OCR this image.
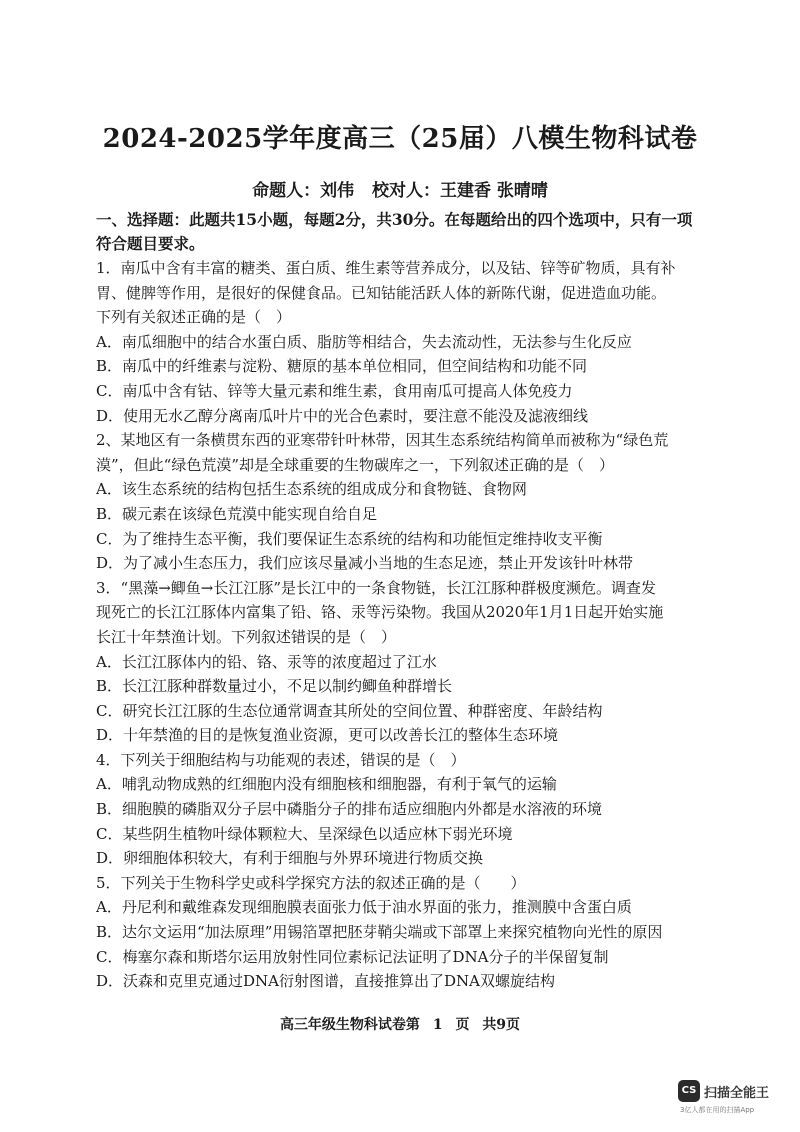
2024-2025学年度高三（25届）八模生物科试卷
命题人：刘伟 校对人：王建香 张晴晴
一、选择题：此题共15小题，每题2分，共30分。在每题给出的四个选项中，只有一项符合题目要求。
1．南瓜中含有丰富的糖类、蛋白质、维生素等营养成分，以及钴、锌等矿物质，具有补
胃、健脾等作用，是很好的保健食品。已知钴能活跃人体的新陈代谢，促进造血功能。
下列有关叙述正确的是（　）
A．南瓜细胞中的结合水蛋白质、脂肪等相结合，失去流动性，无法参与生化反应
B．南瓜中的纤维素与淀粉、糖原的基本单位相同，但空间结构和功能不同
C．南瓜中含有钴、锌等大量元素和维生素，食用南瓜可提高人体免疫力
D．使用无水乙醇分离南瓜叶片中的光合色素时，要注意不能没及滤液细线
2、某地区有一条横贯东西的亚寒带针叶林带，因其生态系统结构简单而被称为“绿色荒
漠”，但此“绿色荒漠”却是全球重要的生物碳库之一，下列叙述正确的是（　）
A．该生态系统的结构包括生态系统的组成成分和食物链、食物网
B．碳元素在该绿色荒漠中能实现自给自足
C．为了维持生态平衡，我们要保证生态系统的结构和功能恒定维持收支平衡
D．为了减小生态压力，我们应该尽量减小当地的生态足迹，禁止开发该针叶林带
3．“黑藻→鲫鱼→长江江豚”是长江中的一条食物链，长江江豚种群极度濒危。调查发
现死亡的长江江豚体内富集了铅、铬、汞等污染物。我国从2020年1月1日起开始实施
长江十年禁渔计划。下列叙述错误的是（　）
A．长江江豚体内的铅、铬、汞等的浓度超过了江水
B．长江江豚种群数量过小，不足以制约鲫鱼种群增长
C．研究长江江豚的生态位通常调查其所处的空间位置、种群密度、年龄结构
D．十年禁渔的目的是恢复渔业资源，更可以改善长江的整体生态环境
4．下列关于细胞结构与功能观的表述，错误的是（　）
A．哺乳动物成熟的红细胞内没有细胞核和细胞器，有利于氧气的运输
B．细胞膜的磷脂双分子层中磷脂分子的排布适应细胞内外都是水溶液的环境
C．某些阴生植物叶绿体颗粒大、呈深绿色以适应林下弱光环境
D．卵细胞体积较大，有利于细胞与外界环境进行物质交换
5．下列关于生物科学史或科学探究方法的叙述正确的是（　　）
A．丹尼利和戴维森发现细胞膜表面张力低于油水界面的张力，推测膜中含蛋白质
B．达尔文运用“加法原理”用锡箔罩把胚芽鞘尖端或下部罩上来探究植物向光性的原因
C．梅塞尔森和斯塔尔运用放射性同位素标记法证明了DNA分子的半保留复制
D．沃森和克里克通过DNA衍射图谱，直接推算出了DNA双螺旋结构
高三年级生物科试卷第 1 页 共9页
CS 扫描全能王
3亿人都在用的扫描App
